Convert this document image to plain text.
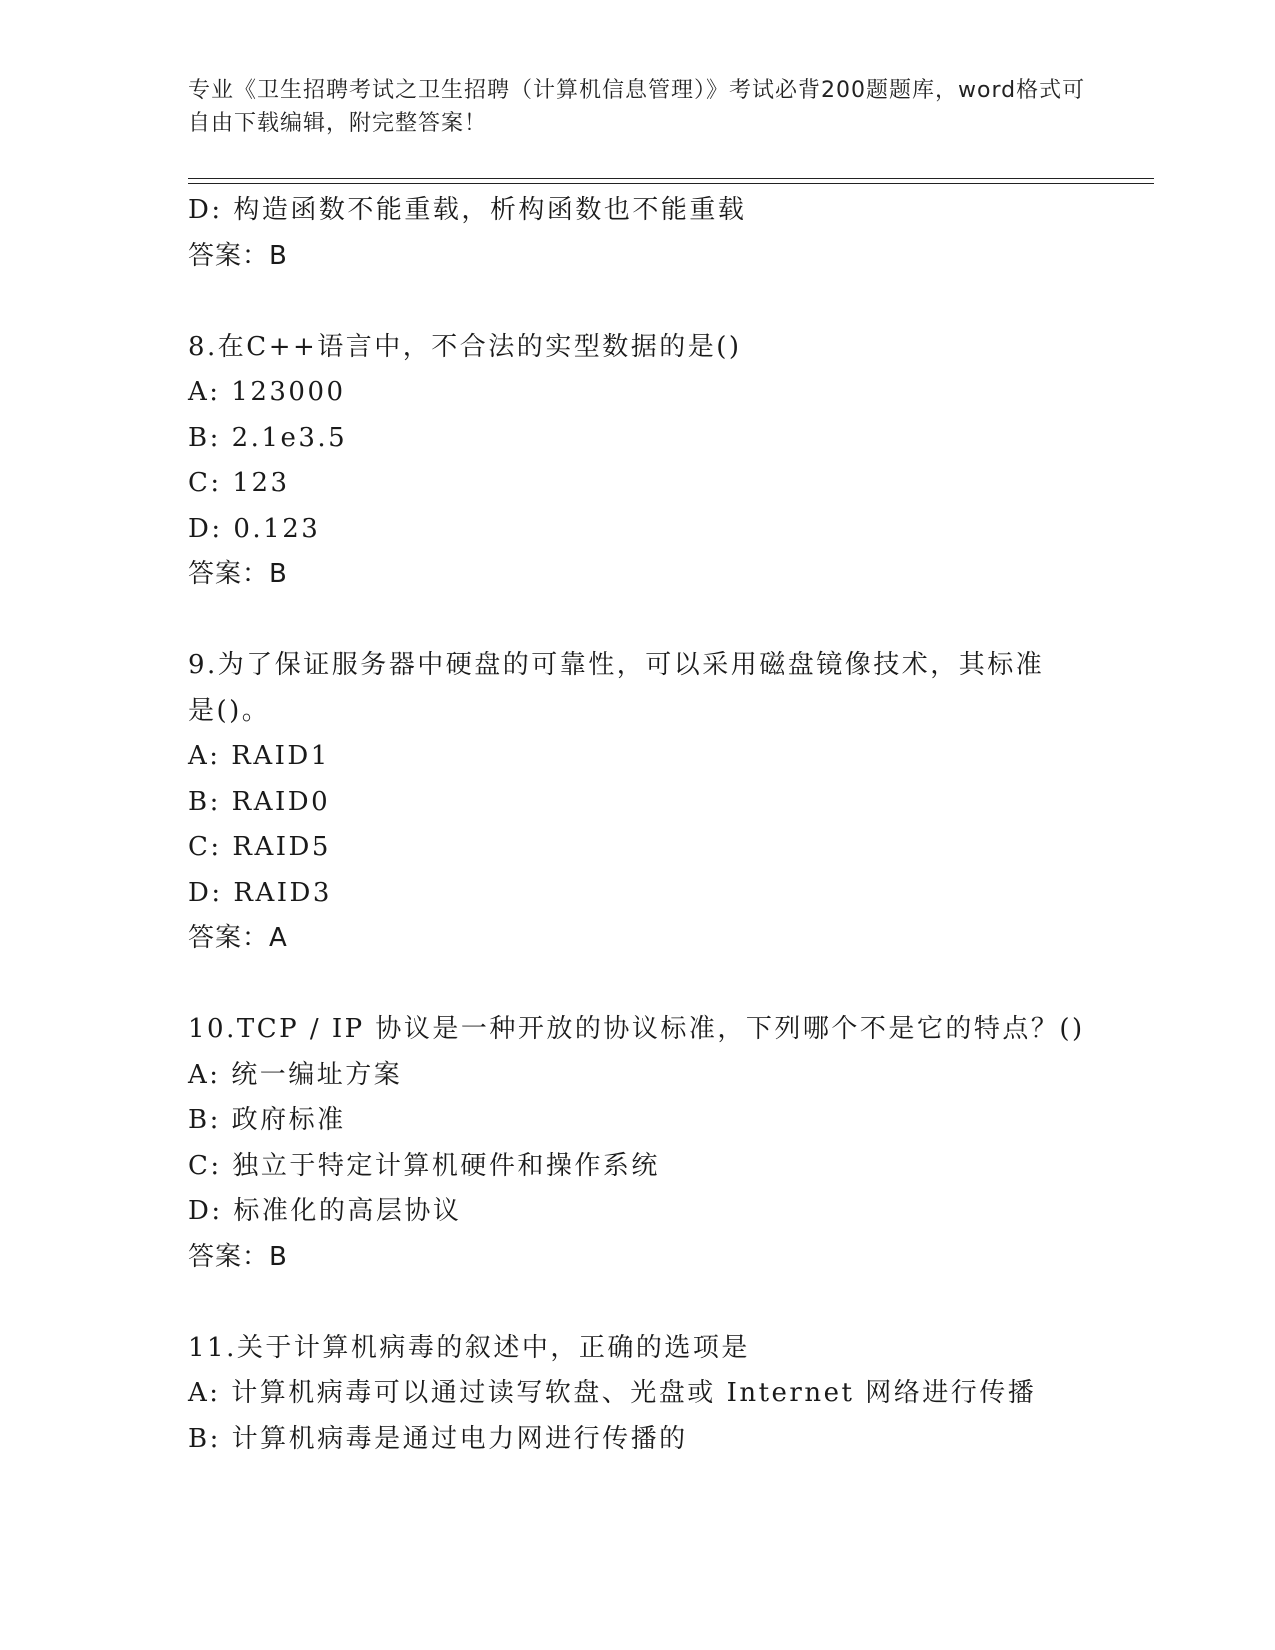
专业《卫生招聘考试之卫生招聘（计算机信息管理）》考试必背200题题库，word格式可自由下载编辑，附完整答案！
D: 构造函数不能重载，析构函数也不能重载
答案：B
8.在C++语言中，不合法的实型数据的是()
A: 123000
B: 2.1e3.5
C: 123
D: 0.123
答案：B
9.为了保证服务器中硬盘的可靠性，可以采用磁盘镜像技术，其标准
是()。
A: RAID1
B: RAID0
C: RAID5
D: RAID3
答案：A
10.TCP / IP 协议是一种开放的协议标准，下列哪个不是它的特点？()
A: 统一编址方案
B: 政府标准
C: 独立于特定计算机硬件和操作系统
D: 标准化的高层协议
答案：B
11.关于计算机病毒的叙述中，正确的选项是
A: 计算机病毒可以通过读写软盘、光盘或 Internet 网络进行传播
B: 计算机病毒是通过电力网进行传播的
